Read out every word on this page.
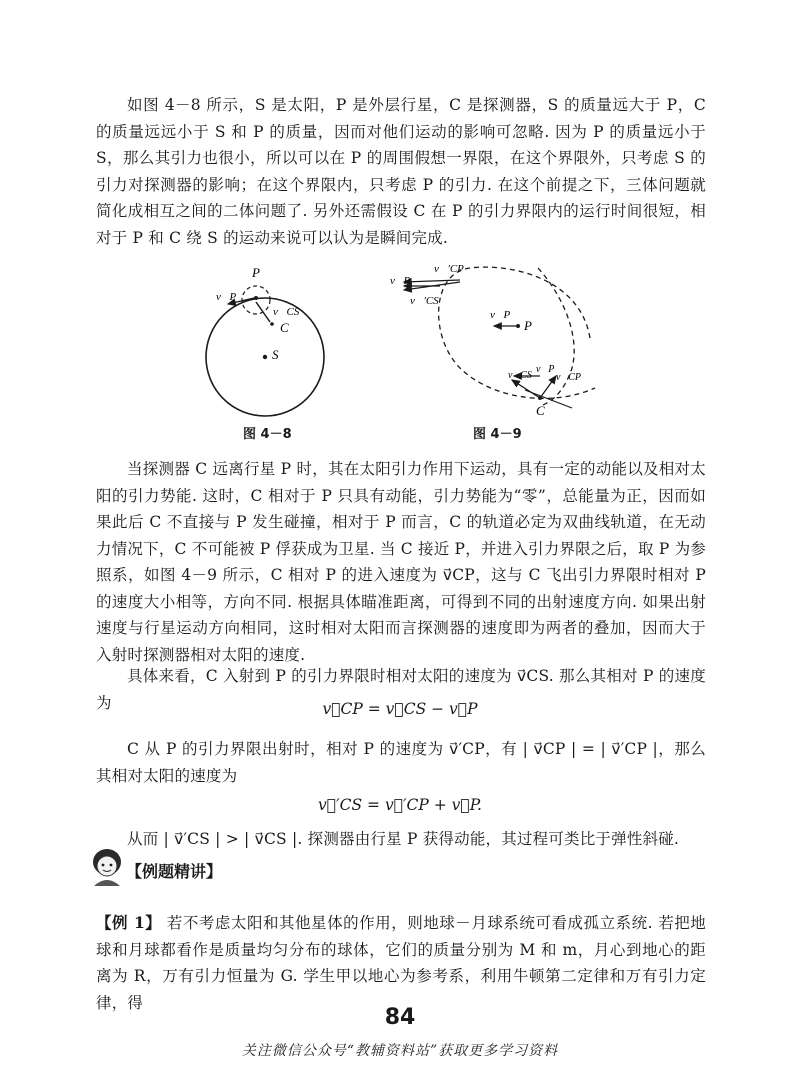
如图 4－8 所示，S 是太阳，P 是外层行星，C 是探测器，S 的质量远大于 P，C 的质量远远小于 S 和 P 的质量，因而对他们运动的影响可忽略. 因为 P 的质量远小于 S，那么其引力也很小，所以可以在 P 的周围假想一界限，在这个界限外，只考虑 S 的引力对探测器的影响；在这个界限内，只考虑 P 的引力. 在这个前提之下，三体问题就简化成相互之间的二体问题了. 另外还需假设 C 在 P 的引力界限内的运行时间很短，相对于 P 和 C 绕 S 的运动来说可以认为是瞬间完成.

P
v⃗P
v⃗CS
C
S
图 4－8
v⃗′CP
v⃗P
v⃗′CS
v⃗P
P
v⃗CS
v⃗P
v⃗CP
C
图 4－9

当探测器 C 远离行星 P 时，其在太阳引力作用下运动，具有一定的动能以及相对太阳的引力势能. 这时，C 相对于 P 只具有动能，引力势能为“零”，总能量为正，因而如果此后 C 不直接与 P 发生碰撞，相对于 P 而言，C 的轨道必定为双曲线轨道，在无动力情况下，C 不可能被 P 俘获成为卫星. 当 C 接近 P，并进入引力界限之后，取 P 为参照系，如图 4－9 所示，C 相对 P 的进入速度为 v⃗CP，这与 C 飞出引力界限时相对 P 的速度大小相等，方向不同. 根据具体瞄准距离，可得到不同的出射速度方向. 如果出射速度与行星运动方向相同，这时相对太阳而言探测器的速度即为两者的叠加，因而大于入射时探测器相对太阳的速度.

具体来看，C 入射到 P 的引力界限时相对太阳的速度为 v⃗CS. 那么其相对 P 的速度为	v⃗CP = v⃗CS − v⃗P

C 从 P 的引力界限出射时，相对 P 的速度为 v⃗′CP，有 | v⃗CP | = | v⃗′CP |，那么其相对太阳的速度为

v⃗′CS = v⃗′CP + v⃗P.

从而 | v⃗′CS | > | v⃗CS |. 探测器由行星 P 获得动能，其过程可类比于弹性斜碰.

【例题精讲】

【例 1】 若不考虑太阳和其他星体的作用，则地球－月球系统可看成孤立系统. 若把地球和月球都看作是质量均匀分布的球体，它们的质量分别为 M 和 m，月心到地心的距离为 R，万有引力恒量为 G. 学生甲以地心为参考系，利用牛顿第二定律和万有引力定律，得

84
关注微信公众号“教辅资料站”获取更多学习资料
